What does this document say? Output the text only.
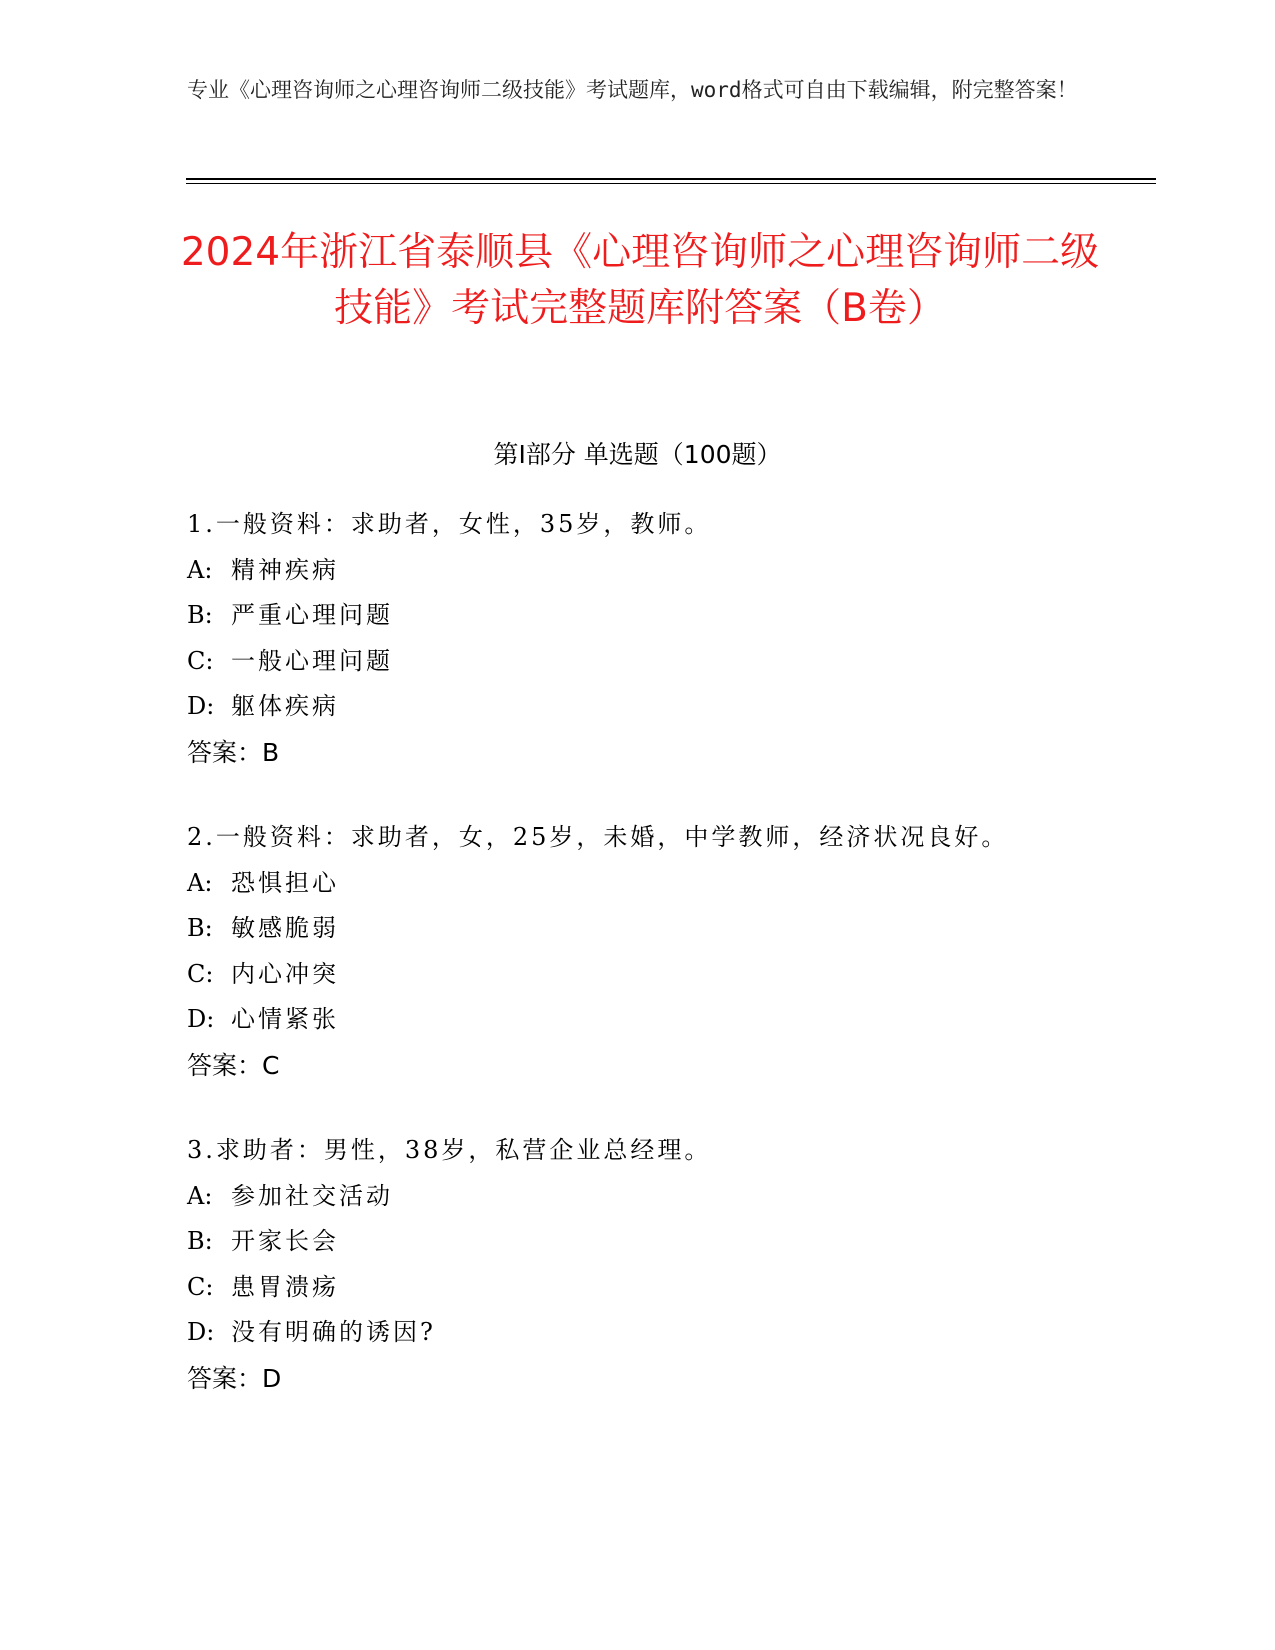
专业《心理咨询师之心理咨询师二级技能》考试题库，word格式可自由下载编辑，附完整答案！
2024年浙江省泰顺县《心理咨询师之心理咨询师二级技能》考试完整题库附答案（B卷）
第Ⅰ部分 单选题（100题）
1.一般资料：求助者，女性，35岁，教师。
A: 精神疾病
B: 严重心理问题
C: 一般心理问题
D: 躯体疾病
答案：B
2.一般资料：求助者，女，25岁，未婚，中学教师，经济状况良好。
A: 恐惧担心
B: 敏感脆弱
C: 内心冲突
D: 心情紧张
答案：C
3.求助者：男性，38岁，私营企业总经理。
A: 参加社交活动
B: 开家长会
C: 患胃溃疡
D: 没有明确的诱因?
答案：D
